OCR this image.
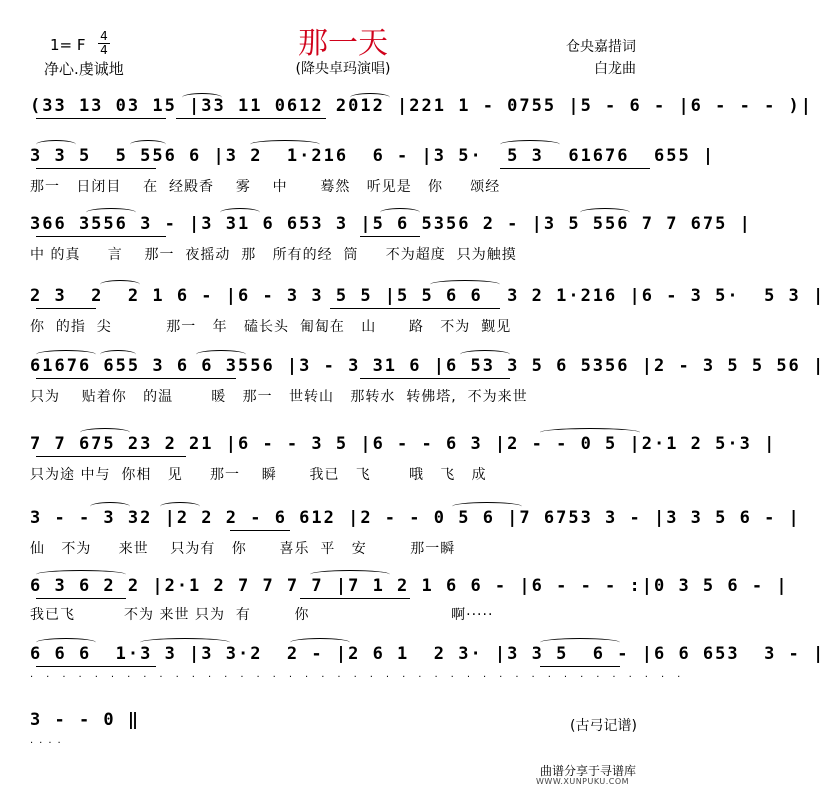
1= F 4
4
净心.虔诚地
那一天
(降央卓玛演唱)
仓央嘉措词
白龙曲
(33 13 03 15 |33 11 0612 2012 |221 1 - 0755 |5 - 6 - |6 - - - )|
3 3 5  5 556 6 |3 2  1·216  6 - |3 5·  5 3  61676  655 |
那一   日闭目    在  经殿香    雾    中      蓦然   听见是   你     颂经
366 3556 3 - |3 31 6 653 3 |5 6 5356 2 - |3 5 556 7 7 675 |
中 的真     言    那一  夜摇动  那   所有的经  筒     不为超度  只为触摸
2 3  2  2 1 6 - |6 - 3 3 5 5 |5 5 6 6  3 2 1·216 |6 - 3 5·  5 3 |
你  的指  尖          那一   年   磕长头  匍匐在   山      路   不为  觐见
61676 655 3 6 6 3556 |3 - 3 31 6 |6 53 3 5 6 5356 |2 - 3 5 5 56 |
只为    贴着你   的温       暖   那一   世转山   那转水  转佛塔,  不为来世
7 7 675 23 2 21 |6 - - 3 5 |6 - - 6 3 |2 - - 0 5 |2·1 2 5·3 |
只为途 中与  你相   见     那一    瞬      我已   飞       哦   飞   成
3 - - 3 32 |2 2 2 - 6 612 |2 - - 0 5 6 |7 6753 3 - |3 3 5 6 - |
仙   不为     来世    只为有   你      喜乐  平   安        那一瞬
6 3 6 2 2 |2·1 2 7 7 7 7 |7 1 2 1 6 6 - |6 - - - :|0 3 5 6 - |
我已飞         不为 来世 只为  有        你                          啊·····
6 6 6  1·3 3 |3 3·2  2 - |2 6 1  2 3· |3 3 5  6 - |6 6 653  3 - |
·········································
3 - - 0 ‖
····
(古弓记谱)
曲谱分享于寻谱库
WWW.XUNPUKU.COM
